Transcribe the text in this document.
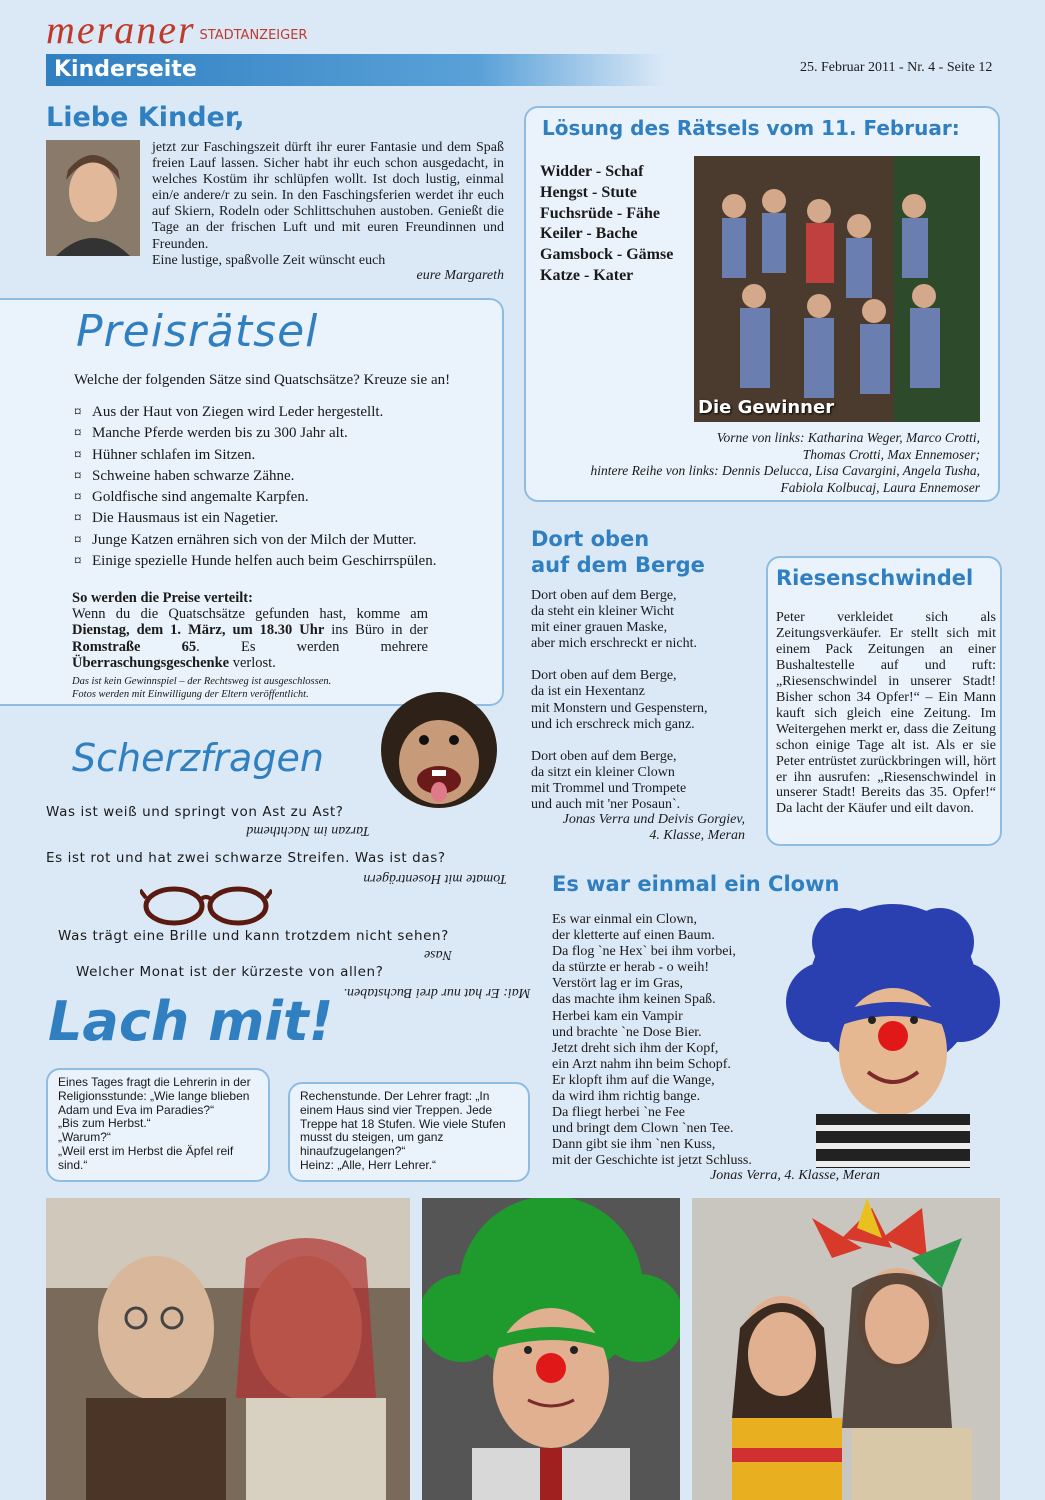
meraner $^{STADTANZEIGER}$
Kinderseite	25. Februar 2011 - Nr. 4 - Seite 12
Liebe Kinder,
jetzt zur Faschingszeit dürft ihr eurer Fantasie und dem Spaß freien Lauf lassen. Sicher habt ihr euch schon ausgedacht, in welches Kostüm ihr schlüpfen wollt. Ist doch lustig, einmal ein/e andere/r zu sein. In den Faschingsferien werdet ihr euch auf Skiern, Rodeln oder Schlittschuhen austoben. Genießt die Tage an der frischen Luft und mit euren Freundinnen und Freunden.
Eine lustige, spaßvolle Zeit wünscht euch
eure Margareth
Lösung des Rätsels vom 11. Februar:
Widder - Schaf
Hengst - Stute
Fuchsrüde - Fähe
Keiler - Bache
Gamsbock - Gämse
Katze - Kater
Die Gewinner
Vorne von links: Katharina Weger, Marco Crotti,
Thomas Crotti, Max Ennemoser;
hintere Reihe von links: Dennis Delucca, Lisa Cavargini, Angela Tusha,
Fabiola Kolbucaj, Laura Ennemoser
Preisrätsel
Welche der folgenden Sätze sind Quatschsätze? Kreuze sie an!
¤ Aus der Haut von Ziegen wird Leder hergestellt.
¤ Manche Pferde werden bis zu 300 Jahr alt.
¤ Hühner schlafen im Sitzen.
¤ Schweine haben schwarze Zähne.
¤ Goldfische sind angemalte Karpfen.
¤ Die Hausmaus ist ein Nagetier.
¤ Junge Katzen ernähren sich von der Milch der Mutter.
¤ Einige spezielle Hunde helfen auch beim Geschirrspülen.
So werden die Preise verteilt:
Wenn du die Quatschsätze gefunden hast, komme am Dienstag, dem 1. März, um 18.30 Uhr ins Büro in der Romstraße 65. Es werden mehrere Überraschungsgeschenke verlost.
Das ist kein Gewinnspiel – der Rechtsweg ist ausgeschlossen.
Fotos werden mit Einwilligung der Eltern veröffentlicht.
Scherzfragen
Was ist weiß und springt von Ast zu Ast?
Tarzan im Nachthemd
Es ist rot und hat zwei schwarze Streifen. Was ist das?
Tomate mit Hosenträgern
Was trägt eine Brille und kann trotzdem nicht sehen?
Nase
Welcher Monat ist der kürzeste von allen?
Mai: Er hat nur drei Buchstaben.
Lach mit!
Eines Tages fragt die Lehrerin in der Religionsstunde: „Wie lange blieben Adam und Eva im Paradies?“
„Bis zum Herbst.“
„Warum?“
„Weil erst im Herbst die Äpfel reif sind.“
Rechenstunde. Der Lehrer fragt: „In einem Haus sind vier Treppen. Jede Treppe hat 18 Stufen. Wie viele Stufen musst du steigen, um ganz hinaufzugelangen?“
Heinz: „Alle, Herr Lehrer.“
Dort oben
auf dem Berge

Dort oben auf dem Berge,

da steht ein kleiner Wicht

mit einer grauen Maske,

aber mich erschreckt er nicht.

Dort oben auf dem Berge,

da ist ein Hexentanz

mit Monstern und Gespenstern,

und ich erschreck mich ganz.

Dort oben auf dem Berge,

da sitzt ein kleiner Clown

mit Trommel und Trompete

und auch mit 'ner Posaun`.

Jonas Verra und Deivis Gorgiev,
4. Klasse, Meran
Riesenschwindel
Peter verkleidet sich als Zeitungsverkäufer. Er stellt sich mit einem Pack Zeitungen an einer Bushaltestelle auf und ruft: „Riesenschwindel in unserer Stadt! Bisher schon 34 Opfer!“ – Ein Mann kauft sich gleich eine Zeitung. Im Weitergehen merkt er, dass die Zeitung schon einige Tage alt ist. Als er sie Peter entrüstet zurückbringen will, hört er ihn ausrufen: „Riesenschwindel in unserer Stadt! Bereits das 35. Opfer!“ Da lacht der Käufer und eilt davon.
Es war einmal ein Clown

Es war einmal ein Clown,

der kletterte auf einen Baum.

Da flog `ne Hex` bei ihm vorbei,

da stürzte er herab - o weih!

Verstört lag er im Gras,

das machte ihm keinen Spaß.

Herbei kam ein Vampir

und brachte `ne Dose Bier.

Jetzt dreht sich ihm der Kopf,

ein Arzt nahm ihn beim Schopf.

Er klopft ihm auf die Wange,

da wird ihm richtig bange.

Da fliegt herbei `ne Fee

und bringt dem Clown `nen Tee.

Dann gibt sie ihm `nen Kuss,

mit der Geschichte ist jetzt Schluss.

Jonas Verra, 4. Klasse, Meran
